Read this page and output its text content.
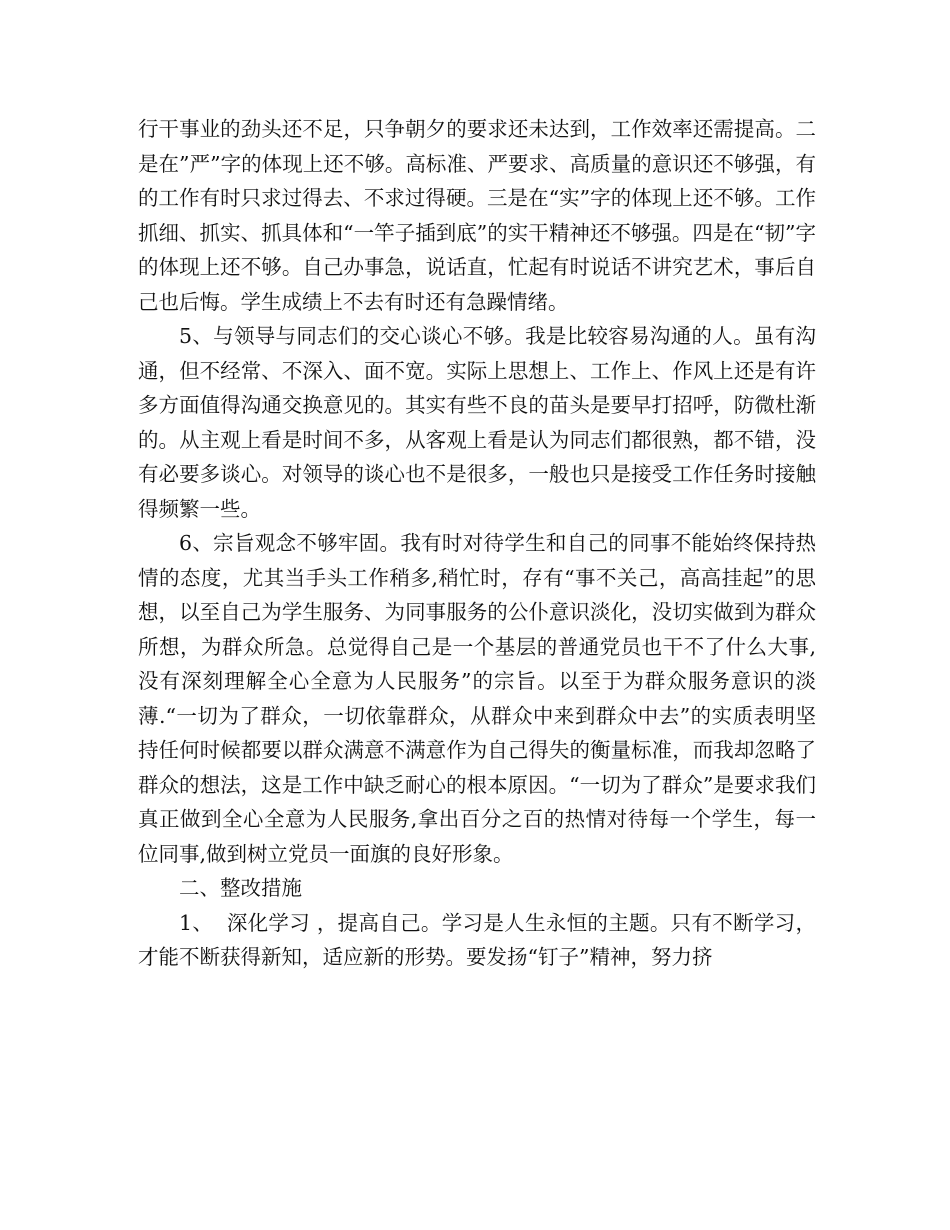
行干事业的劲头还不足，只争朝夕的要求还未达到，工作效率还需提高。二是在”严”字的体现上还不够。高标准、严要求、高质量的意识还不够强，有的工作有时只求过得去、不求过得硬。三是在“实”字的体现上还不够。工作抓细、抓实、抓具体和“一竿子插到底”的实干精神还不够强。四是在“韧”字的体现上还不够。自己办事急，说话直，忙起有时说话不讲究艺术，事后自己也后悔。学生成绩上不去有时还有急躁情绪。

5、与领导与同志们的交心谈心不够。我是比较容易沟通的人。虽有沟通，但不经常、不深入、面不宽。实际上思想上、工作上、作风上还是有许多方面值得沟通交换意见的。其实有些不良的苗头是要早打招呼，防微杜渐的。从主观上看是时间不多，从客观上看是认为同志们都很熟，都不错，没有必要多谈心。对领导的谈心也不是很多，一般也只是接受工作任务时接触得频繁一些。

6、宗旨观念不够牢固。我有时对待学生和自己的同事不能始终保持热情的态度，尤其当手头工作稍多,稍忙时，存有“事不关己，高高挂起”的思想，以至自己为学生服务、为同事服务的公仆意识淡化，没切实做到为群众所想，为群众所急。总觉得自己是一个基层的普通党员也干不了什么大事,没有深刻理解全心全意为人民服务”的宗旨。以至于为群众服务意识的淡薄.“一切为了群众，一切依靠群众，从群众中来到群众中去”的实质表明坚持任何时候都要以群众满意不满意作为自己得失的衡量标准，而我却忽略了群众的想法，这是工作中缺乏耐心的根本原因。“一切为了群众”是要求我们真正做到全心全意为人民服务,拿出百分之百的热情对待每一个学生，每一位同事,做到树立党员一面旗的良好形象。

二、整改措施

1、  深化学习 ，提高自己。学习是人生永恒的主题。只有不断学习，才能不断获得新知，适应新的形势。要发扬“钉子”精神，努力挤
